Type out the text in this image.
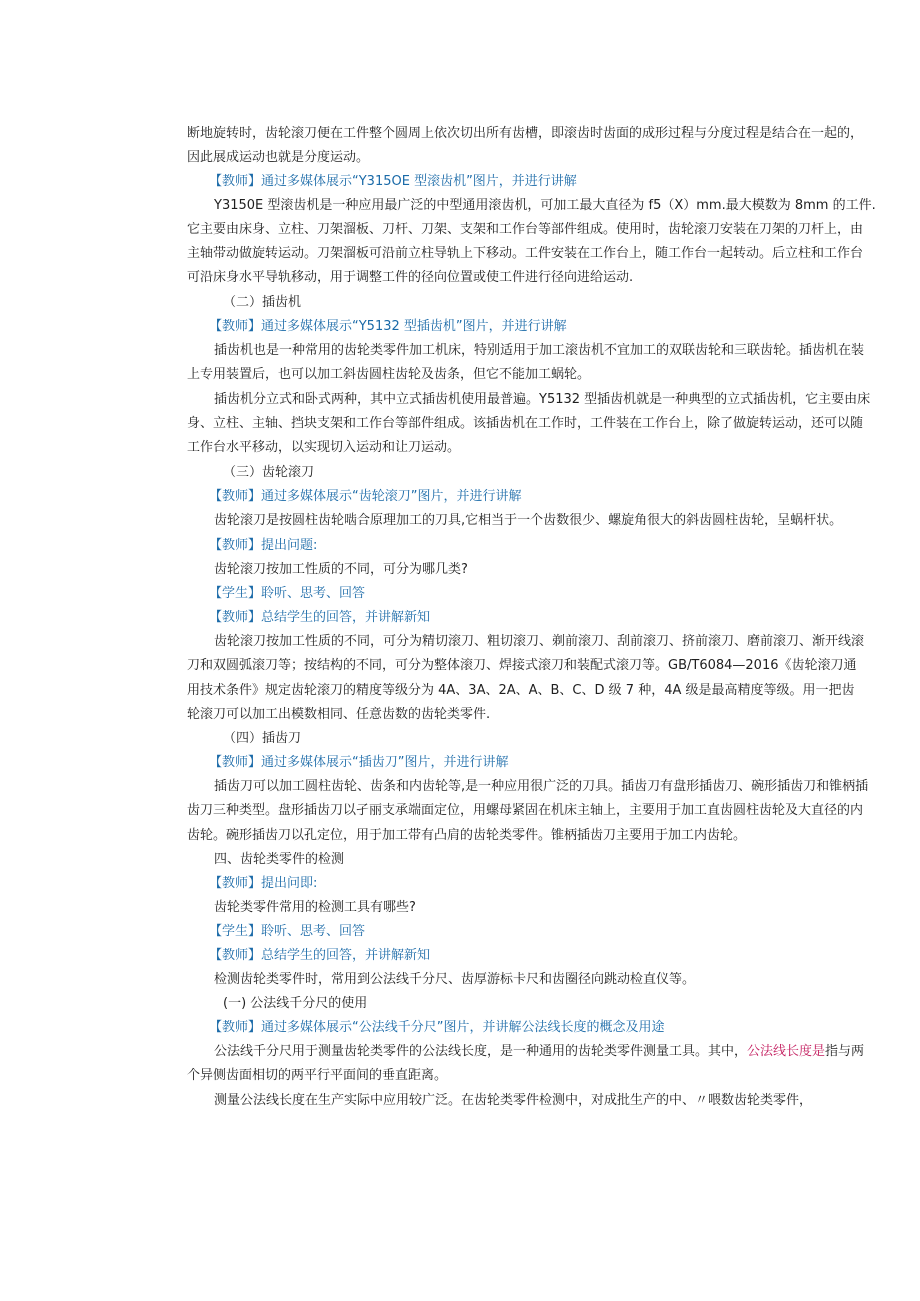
断地旋转时，齿轮滚刀便在工件整个圆周上依次切出所有齿槽，即滚齿时齿面的成形过程与分度过程是结合在一起的，
因此展成运动也就是分度运动。
【教师】通过多媒体展示“Y315OE 型滚齿机”图片，并进行讲解
Y3150E 型滚齿机是一种应用最广泛的中型通用滚齿机，可加工最大直径为 f5（X）mm.最大模数为 8mm 的工件.
它主要由床身、立柱、刀架溜板、刀杆、刀架、支架和工作台等部件组成。使用时，齿轮滚刀安装在刀架的刀杆上，由
主轴带动做旋转运动。刀架溜板可沿前立柱导轨上下移动。工件安装在工作台上，随工作台一起转动。后立柱和工作台
可沿床身水平导轨移动，用于调整工件的径向位置或使工件进行径向进给运动.
（二）插齿机
【教师】通过多媒体展示“Y5132 型插齿机”图片，并进行讲解
插齿机也是一种常用的齿轮类零件加工机床，特别适用于加工滚齿机不宜加工的双联齿轮和三联齿轮。插齿机在装
上专用装置后，也可以加工斜齿圆柱齿轮及齿条，但它不能加工蜗轮。
插齿机分立式和卧式两种，其中立式插齿机使用最普遍。Y5132 型插齿机就是一种典型的立式插齿机，它主要由床
身、立柱、主轴、挡块支架和工作台等部件组成。该插齿机在工作时，工件装在工作台上，除了做旋转运动，还可以随
工作台水平移动，以实现切入运动和让刀运动。
（三）齿轮滚刀
【教师】通过多媒体展示“齿轮滚刀”图片，并进行讲解
齿轮滚刀是按圆柱齿轮啮合原理加工的刀具,它相当于一个齿数很少、螺旋角很大的斜齿圆柱齿轮，呈蜗杆状。
【教师】提出问题:
齿轮滚刀按加工性质的不同，可分为哪几类?
【学生】聆听、思考、回答
【教师】总结学生的回答，并讲解新知
齿轮滚刀按加工性质的不同，可分为精切滚刀、粗切滚刀、剃前滚刀、刮前滚刀、挤前滚刀、磨前滚刀、渐开线滚
刀和双圆弧滚刀等；按结构的不同，可分为整体滚刀、焊接式滚刀和装配式滚刀等。GB/T6084—2016《齿轮滚刀通
用技术条件》规定齿轮滚刀的精度等级分为 4A、3A、2A、A、B、C、D 级 7 种，4A 级是最高精度等级。用一把齿
轮滚刀可以加工出模数相同、任意齿数的齿轮类零件.
（四）插齿刀
【教师】通过多媒体展示“插齿刀”图片，并进行讲解
插齿刀可以加工圆柱齿轮、齿条和内齿轮等,是一种应用很广泛的刀具。插齿刀有盘形插齿刀、碗形插齿刀和锥柄插
齿刀三种类型。盘形插齿刀以孑丽支承端面定位，用螺母紧固在机床主轴上，主要用于加工直齿圆柱齿轮及大直径的内
齿轮。碗形插齿刀以孔定位，用于加工带有凸肩的齿轮类零件。锥柄插齿刀主要用于加工内齿轮。
四、齿轮类零件的检测
【教师】提出问即:
齿轮类零件常用的检测工具有哪些?
【学生】聆听、思考、回答
【教师】总结学生的回答，并讲解新知
检测齿轮类零件时，常用到公法线千分尺、齿厚游标卡尺和齿圈径向跳动检直仪等。
(一) 公法线千分尺的使用
【教师】通过多媒体展示“公法线千分尺”图片，并讲解公法线长度的概念及用途
公法线千分尺用于测量齿轮类零件的公法线长度，是一种通用的齿轮类零件测量工具。其中，公法线长度是指与两
个异侧齿面相切的两平行平面间的垂直距离。
测量公法线长度在生产实际中应用较广泛。在齿轮类零件检测中，对成批生产的中、〃喂数齿轮类零件，
